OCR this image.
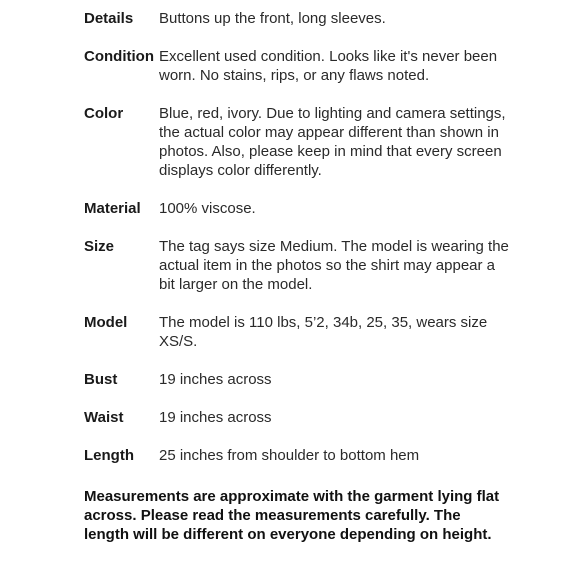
Details	Buttons up the front, long sleeves.
Condition Excellent used condition. Looks like it's never been worn. No stains, rips, or any flaws noted.
Color	Blue, red, ivory. Due to lighting and camera settings, the actual color may appear different than shown in photos. Also, please keep in mind that every screen displays color differently.
Material	100% viscose.
Size	The tag says size Medium. The model is wearing the actual item in the photos so the shirt may appear a bit larger on the model.
Model	The model is 110 lbs, 5’2, 34b, 25, 35, wears size XS/S.
Bust	19 inches across
Waist	19 inches across
Length	25 inches from shoulder to bottom hem
Measurements are approximate with the garment lying flat across. Please read the measurements carefully. The length will be different on everyone depending on height.
